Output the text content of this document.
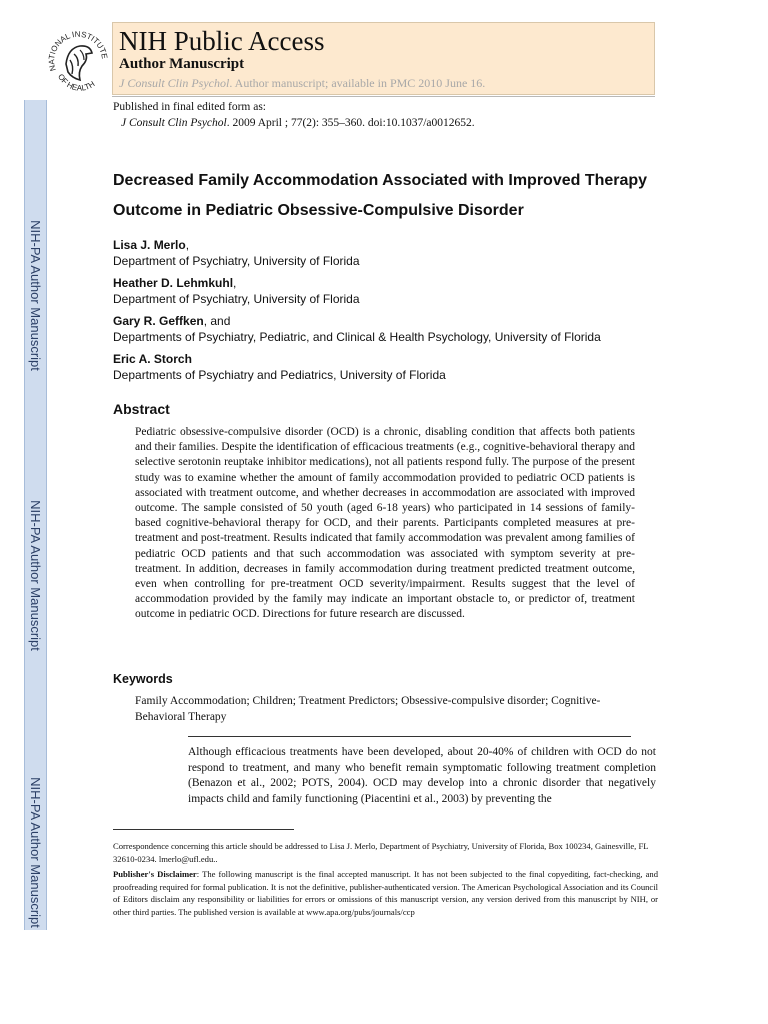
NIH-PA Author Manuscript
NIH-PA Author Manuscript
NIH-PA Author Manuscript
NATIONAL INSTITUTE
OF HEALTH
NIH Public Access
Author Manuscript
J Consult Clin Psychol. Author manuscript; available in PMC 2010 June 16.
Published in final edited form as:
J Consult Clin Psychol. 2009 April ; 77(2): 355–360. doi:10.1037/a0012652.
Decreased Family Accommodation Associated with Improved Therapy Outcome in Pediatric Obsessive-Compulsive Disorder
Lisa J. Merlo,
Department of Psychiatry, University of Florida
Heather D. Lehmkuhl,
Department of Psychiatry, University of Florida
Gary R. Geffken, and
Departments of Psychiatry, Pediatric, and Clinical & Health Psychology, University of Florida
Eric A. Storch
Departments of Psychiatry and Pediatrics, University of Florida
Abstract
Pediatric obsessive-compulsive disorder (OCD) is a chronic, disabling condition that affects both patients and their families. Despite the identification of efficacious treatments (e.g., cognitive-behavioral therapy and selective serotonin reuptake inhibitor medications), not all patients respond fully. The purpose of the present study was to examine whether the amount of family accommodation provided to pediatric OCD patients is associated with treatment outcome, and whether decreases in accommodation are associated with improved outcome. The sample consisted of 50 youth (aged 6-18 years) who participated in 14 sessions of family-based cognitive-behavioral therapy for OCD, and their parents. Participants completed measures at pre-treatment and post-treatment. Results indicated that family accommodation was prevalent among families of pediatric OCD patients and that such accommodation was associated with symptom severity at pre-treatment. In addition, decreases in family accommodation during treatment predicted treatment outcome, even when controlling for pre-treatment OCD severity/impairment. Results suggest that the level of accommodation provided by the family may indicate an important obstacle to, or predictor of, treatment outcome in pediatric OCD. Directions for future research are discussed.
Keywords
Family Accommodation; Children; Treatment Predictors; Obsessive-compulsive disorder; Cognitive-Behavioral Therapy
Although efficacious treatments have been developed, about 20-40% of children with OCD do not respond to treatment, and many who benefit remain symptomatic following treatment completion (Benazon et al., 2002; POTS, 2004). OCD may develop into a chronic disorder that negatively impacts child and family functioning (Piacentini et al., 2003) by preventing the
Correspondence concerning this article should be addressed to Lisa J. Merlo, Department of Psychiatry, University of Florida, Box 100234, Gainesville, FL 32610-0234. lmerlo@ufl.edu..
Publisher's Disclaimer: The following manuscript is the final accepted manuscript. It has not been subjected to the final copyediting, fact-checking, and proofreading required for formal publication. It is not the definitive, publisher-authenticated version. The American Psychological Association and its Council of Editors disclaim any responsibility or liabilities for errors or omissions of this manuscript version, any version derived from this manuscript by NIH, or other third parties. The published version is available at www.apa.org/pubs/journals/ccp
